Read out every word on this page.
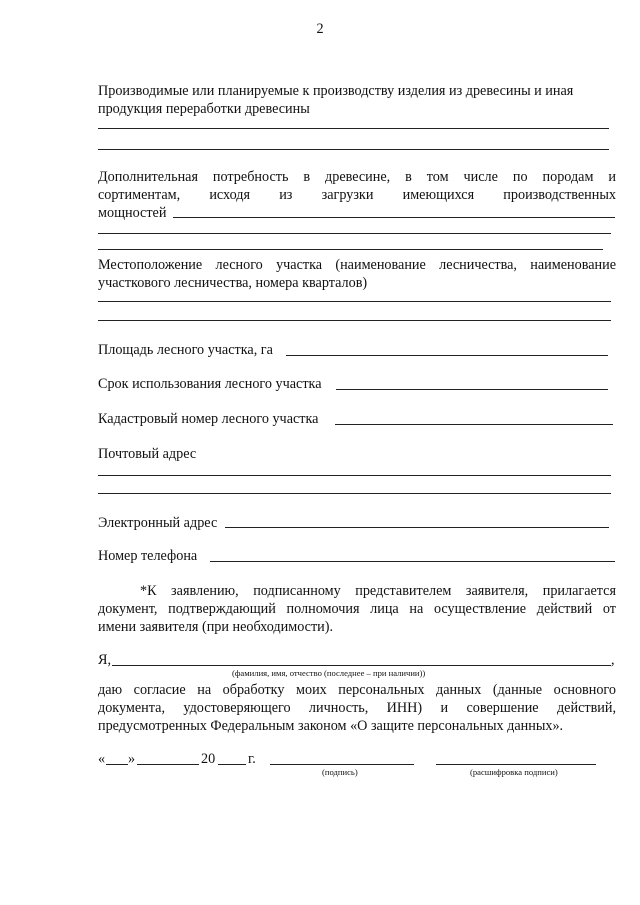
2
Производимые или планируемые к производству изделия из древесины и иная
продукция переработки древесины
Дополнительная потребность в древесине, в том числе по породам и
сортиментам, исходя из загрузки имеющихся производственных
мощностей
Местоположение лесного участка (наименование лесничества, наименование
участкового лесничества, номера кварталов)
Площадь лесного участка, га
Срок использования лесного участка
Кадастровый номер лесного участка
Почтовый адрес
Электронный адрес
Номер телефона
*К заявлению, подписанному представителем заявителя, прилагается
документ, подтверждающий полномочия лица на осуществление действий от
имени заявителя (при необходимости).
Я,	,
(фамилия, имя, отчество (последнее – при наличии))
даю согласие на обработку моих персональных данных (данные основного
документа, удостоверяющего личность, ИНН) и совершение действий,
предусмотренных Федеральным законом «О защите персональных данных».
« »	20 г.
(подпись)	(расшифровка подписи)
